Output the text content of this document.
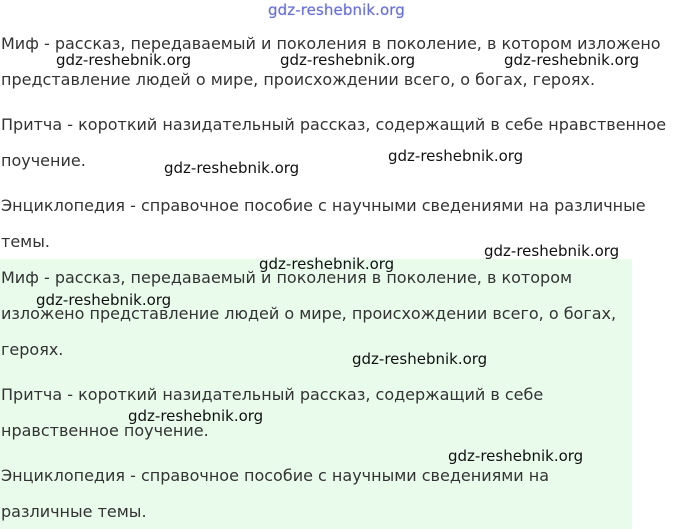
gdz-reshebnik.org
Миф - рассказ, передаваемый и поколения в поколение, в котором изложено
представление людей о мире, происхождении всего, о богах, героях.
Притча - короткий назидательный рассказ, содержащий в себе нравственное
поучение.
Энциклопедия - справочное пособие с научными сведениями на различные
темы.
Миф - рассказ, передаваемый и поколения в поколение, в котором
изложено представление людей о мире, происхождении всего, о богах,
героях.
Притча - короткий назидательный рассказ, содержащий в себе
нравственное поучение.
Энциклопедия - справочное пособие с научными сведениями на
различные темы.
gdz-reshebnik.org	gdz-reshebnik.org	gdz-reshebnik.org
gdz-reshebnik.org
gdz-reshebnik.org
gdz-reshebnik.org
gdz-reshebnik.org
gdz-reshebnik.org
gdz-reshebnik.org
gdz-reshebnik.org
gdz-reshebnik.org
